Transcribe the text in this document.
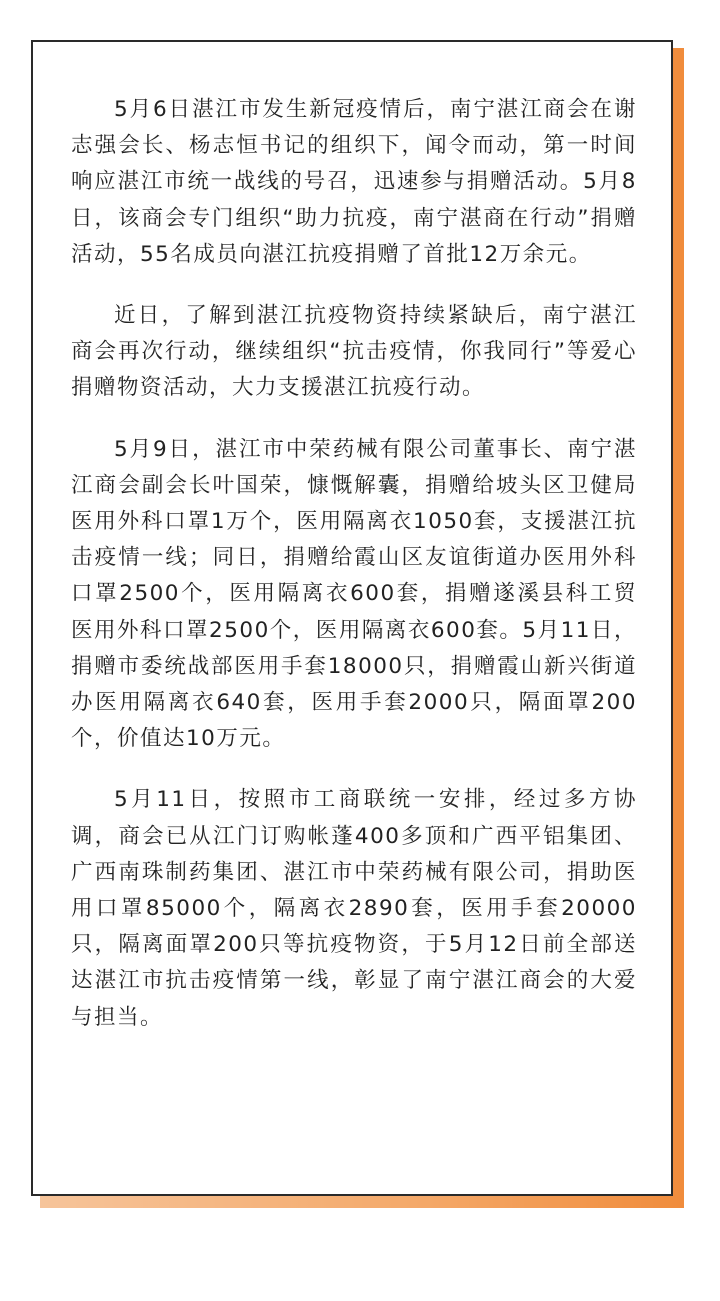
5月6日湛江市发生新冠疫情后，南宁湛江商会在谢志强会长、杨志恒书记的组织下，闻令而动，第一时间响应湛江市统一战线的号召，迅速参与捐赠活动。5月8日，该商会专门组织“助力抗疫，南宁湛商在行动”捐赠活动，55名成员向湛江抗疫捐赠了首批12万余元。

近日，了解到湛江抗疫物资持续紧缺后，南宁湛江商会再次行动，继续组织“抗击疫情，你我同行”等爱心捐赠物资活动，大力支援湛江抗疫行动。

5月9日，湛江市中荣药械有限公司董事长、南宁湛江商会副会长叶国荣，慷慨解囊，捐赠给坡头区卫健局医用外科口罩1万个，医用隔离衣1050套，支援湛江抗击疫情一线；同日，捐赠给霞山区友谊街道办医用外科口罩2500个，医用隔离衣600套，捐赠遂溪县科工贸医用外科口罩2500个，医用隔离衣600套。5月11日，捐赠市委统战部医用手套18000只，捐赠霞山新兴街道办医用隔离衣640套，医用手套2000只，隔面罩200个，价值达10万元。

5月11日，按照市工商联统一安排，经过多方协调，商会已从江门订购帐蓬400多顶和广西平铝集团、广西南珠制药集团、湛江市中荣药械有限公司，捐助医用口罩85000个，隔离衣2890套，医用手套20000只，隔离面罩200只等抗疫物资，于5月12日前全部送达湛江市抗击疫情第一线，彰显了南宁湛江商会的大爱与担当。
